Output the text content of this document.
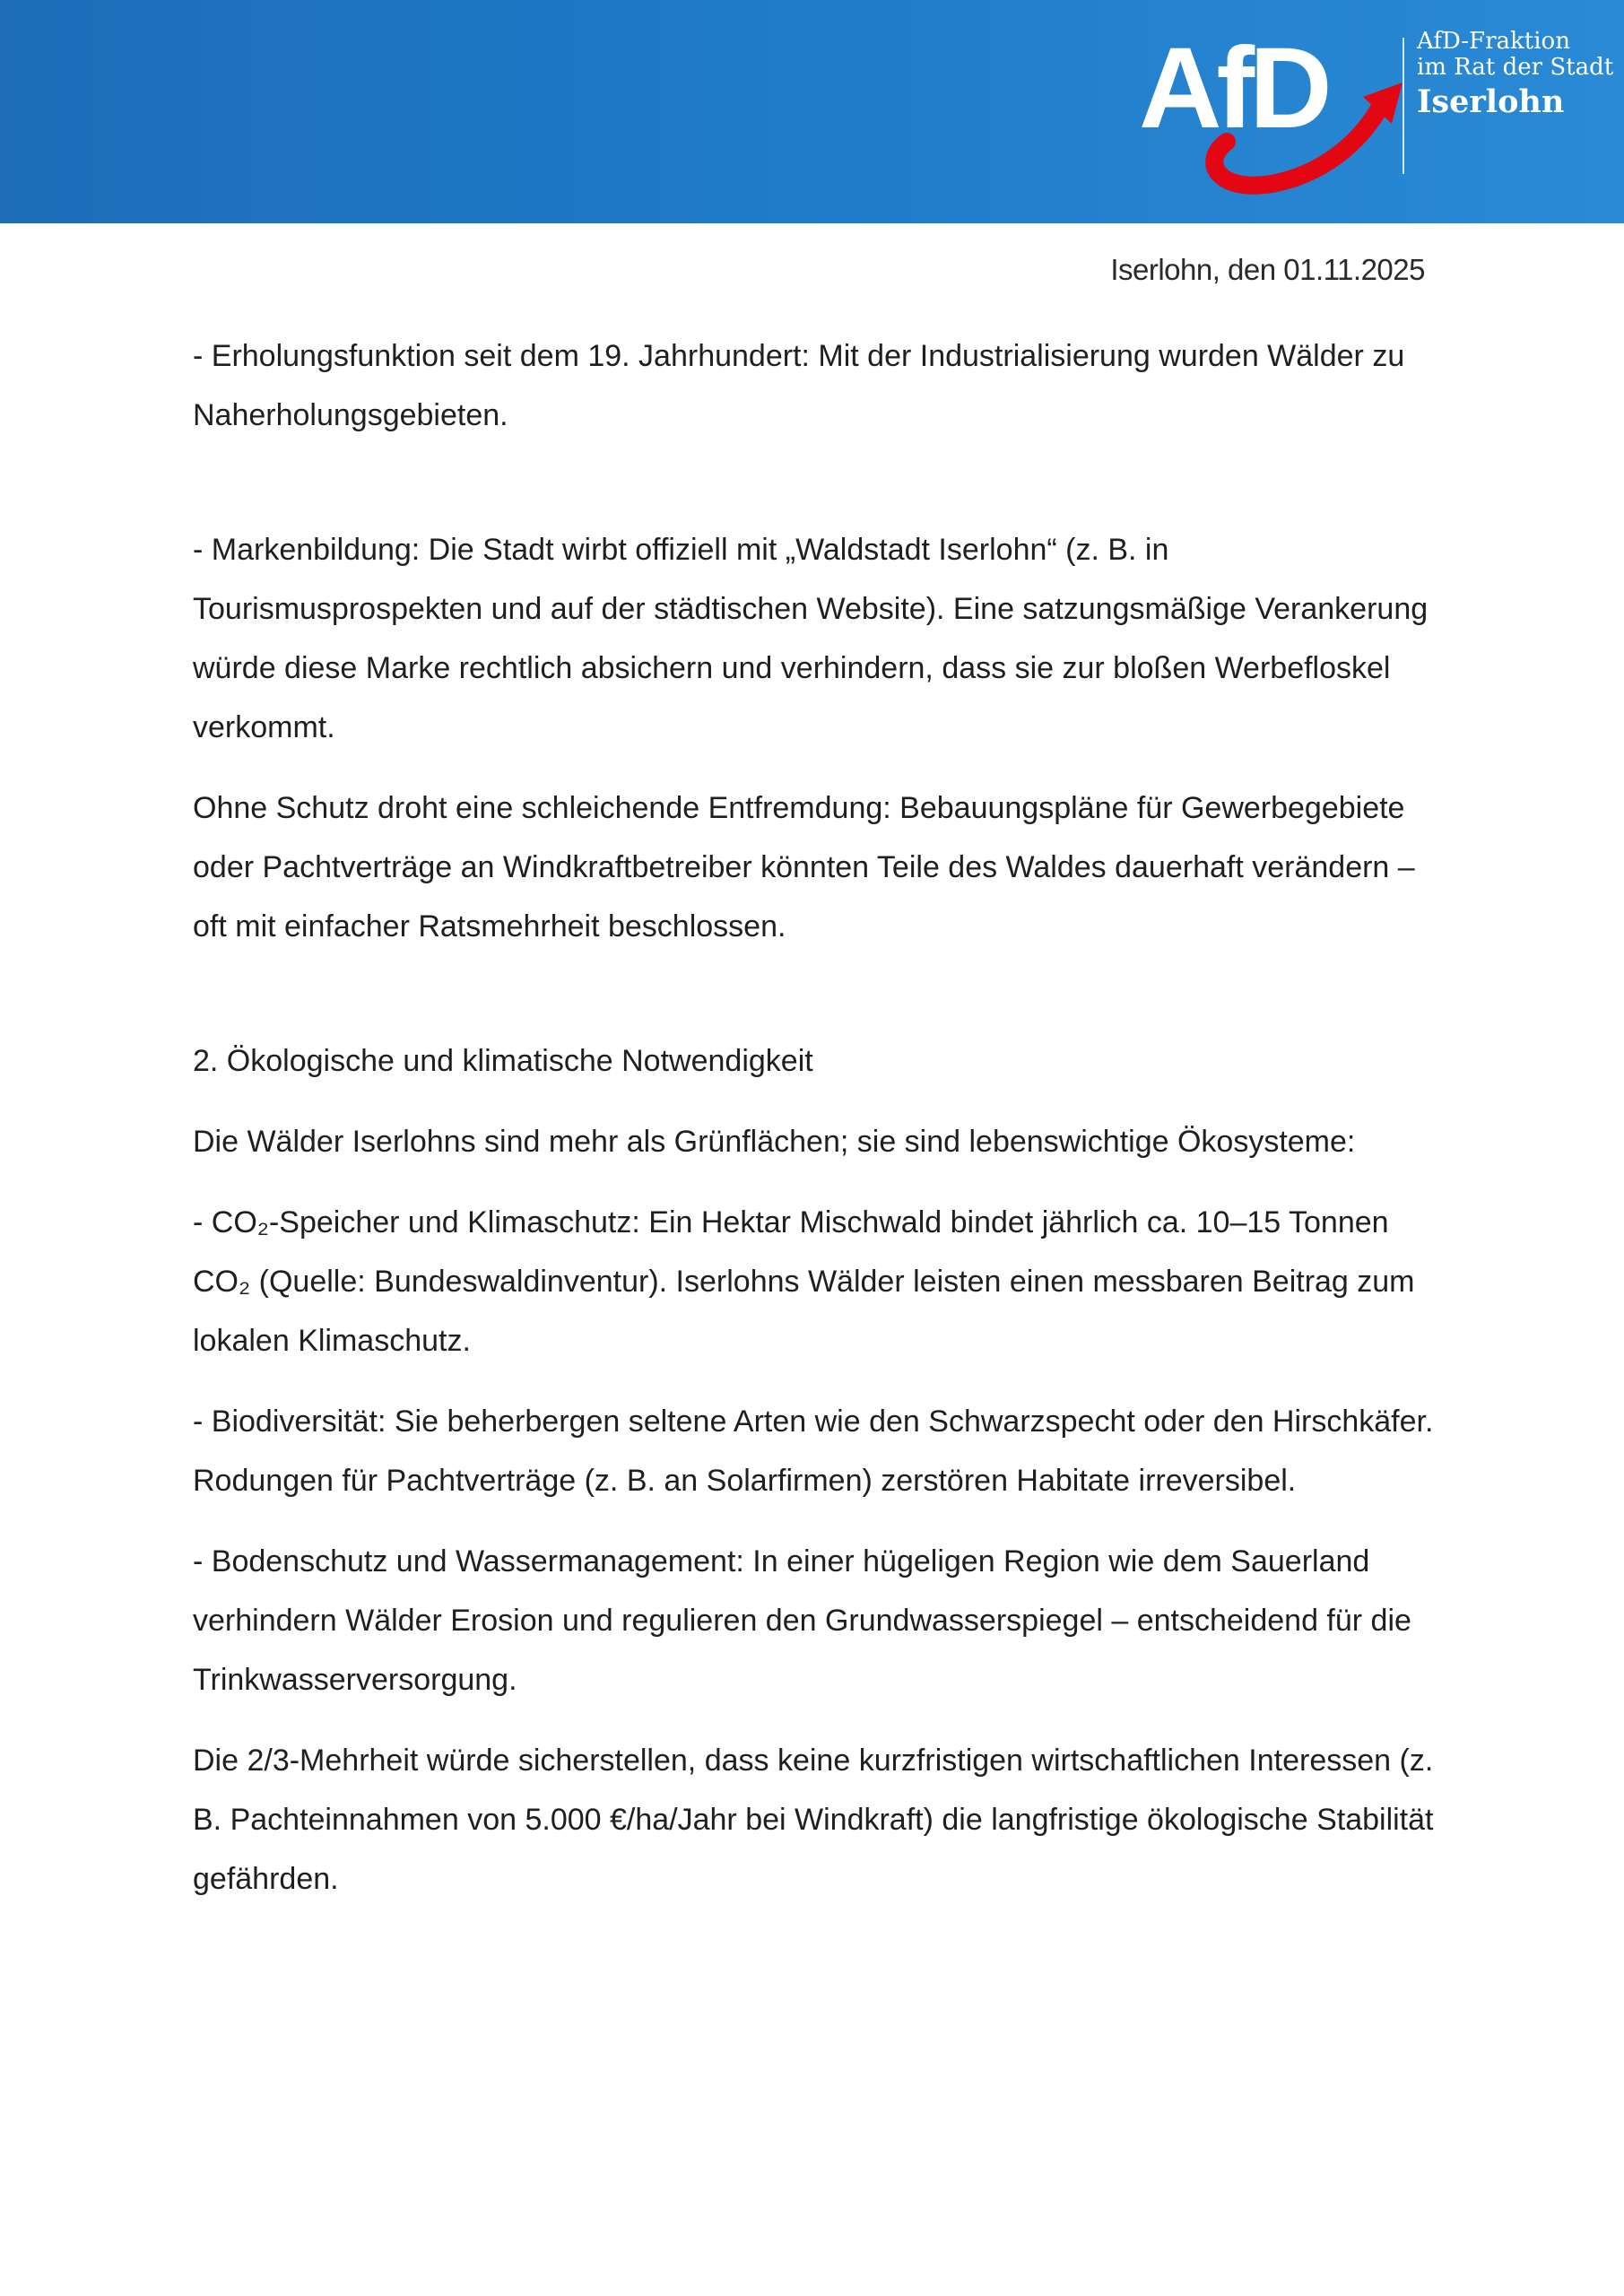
AfD	AfD-Fraktion
im Rat der Stadt
Iserlohn
Iserlohn, den 01.11.2025

- Erholungsfunktion seit dem 19. Jahrhundert: Mit der Industrialisierung wurden Wälder zu Naherholungsgebieten.

- Markenbildung: Die Stadt wirbt offiziell mit „Waldstadt Iserlohn“ (z. B. in Tourismusprospekten und auf der städtischen Website). Eine satzungsmäßige Verankerung würde diese Marke rechtlich absichern und verhindern, dass sie zur bloßen Werbefloskel verkommt.

Ohne Schutz droht eine schleichende Entfremdung: Bebauungspläne für Gewerbegebiete oder Pachtverträge an Windkraftbetreiber könnten Teile des Waldes dauerhaft verändern – oft mit einfacher Ratsmehrheit beschlossen.

2. Ökologische und klimatische Notwendigkeit

Die Wälder Iserlohns sind mehr als Grünflächen; sie sind lebenswichtige Ökosysteme:

- CO₂-Speicher und Klimaschutz: Ein Hektar Mischwald bindet jährlich ca. 10–15 Tonnen CO₂ (Quelle: Bundeswaldinventur). Iserlohns Wälder leisten einen messbaren Beitrag zum lokalen Klimaschutz.

- Biodiversität: Sie beherbergen seltene Arten wie den Schwarzspecht oder den Hirschkäfer. Rodungen für Pachtverträge (z. B. an Solarfirmen) zerstören Habitate irreversibel.

- Bodenschutz und Wassermanagement: In einer hügeligen Region wie dem Sauerland verhindern Wälder Erosion und regulieren den Grundwasserspiegel – entscheidend für die Trinkwasserversorgung.

Die 2/3-Mehrheit würde sicherstellen, dass keine kurzfristigen wirtschaftlichen Interessen (z. B. Pachteinnahmen von 5.000 €/ha/Jahr bei Windkraft) die langfristige ökologische Stabilität gefährden.
